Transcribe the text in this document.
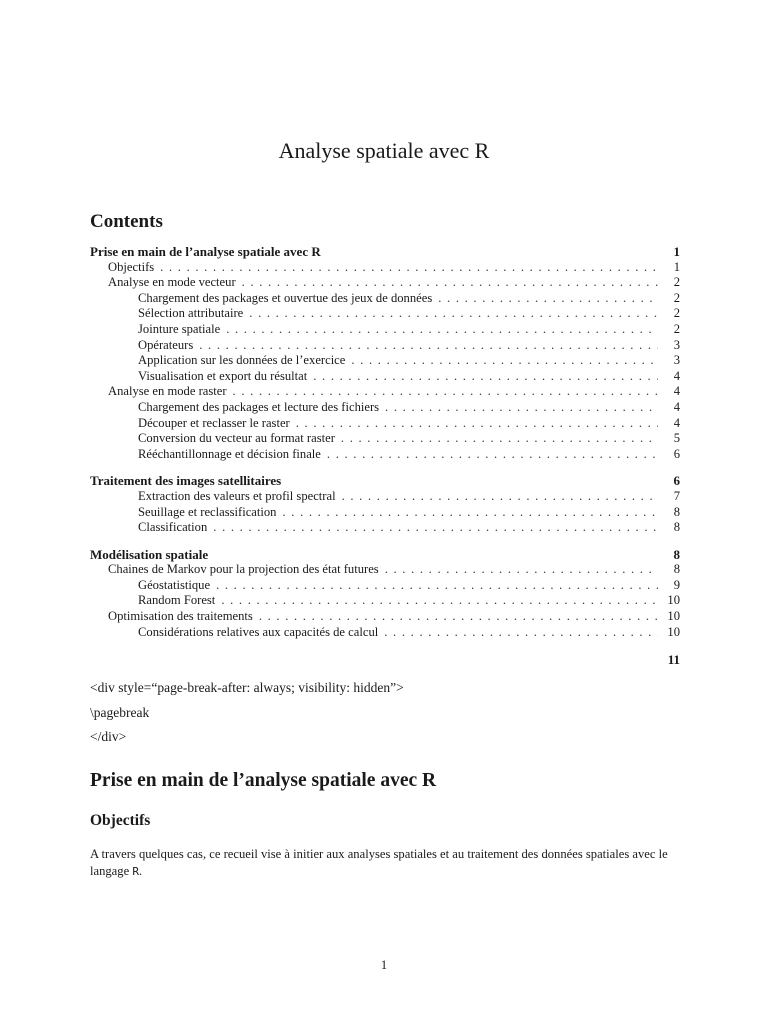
Analyse spatiale avec R
Contents
Prise en main de l’analyse spatiale avec R	1
Objectifs . . .	1
Analyse en mode vecteur . . .	2
Chargement des packages et ouvertue des jeux de données . . .	2
Sélection attributaire . . .	2
Jointure spatiale . . .	2
Opérateurs . . .	3
Application sur les données de l’exercice . . .	3
Visualisation et export du résultat . . .	4
Analyse en mode raster . . .	4
Chargement des packages et lecture des fichiers . . .	4
Découper et reclasser le raster . . .	4
Conversion du vecteur au format raster . . .	5
Rééchantillonnage et décision finale . . .	6
Traitement des images satellitaires	6
Extraction des valeurs et profil spectral . . .	7
Seuillage et reclassification . . .	8
Classification . . .	8
Modélisation spatiale	8
Chaines de Markov pour la projection des état futures . . .	8
Géostatistique . . .	9
Random Forest . . .	10
Optimisation des traitements . . .	10
Considérations relatives aux capacités de calcul . . .	10
11
<div style=“page-break-after: always; visibility: hidden”>
\pagebreak
</div>
Prise en main de l’analyse spatiale avec R
Objectifs
A travers quelques cas, ce recueil vise à initier aux analyses spatiales et au traitement des données spatiales avec le langage R.
1
